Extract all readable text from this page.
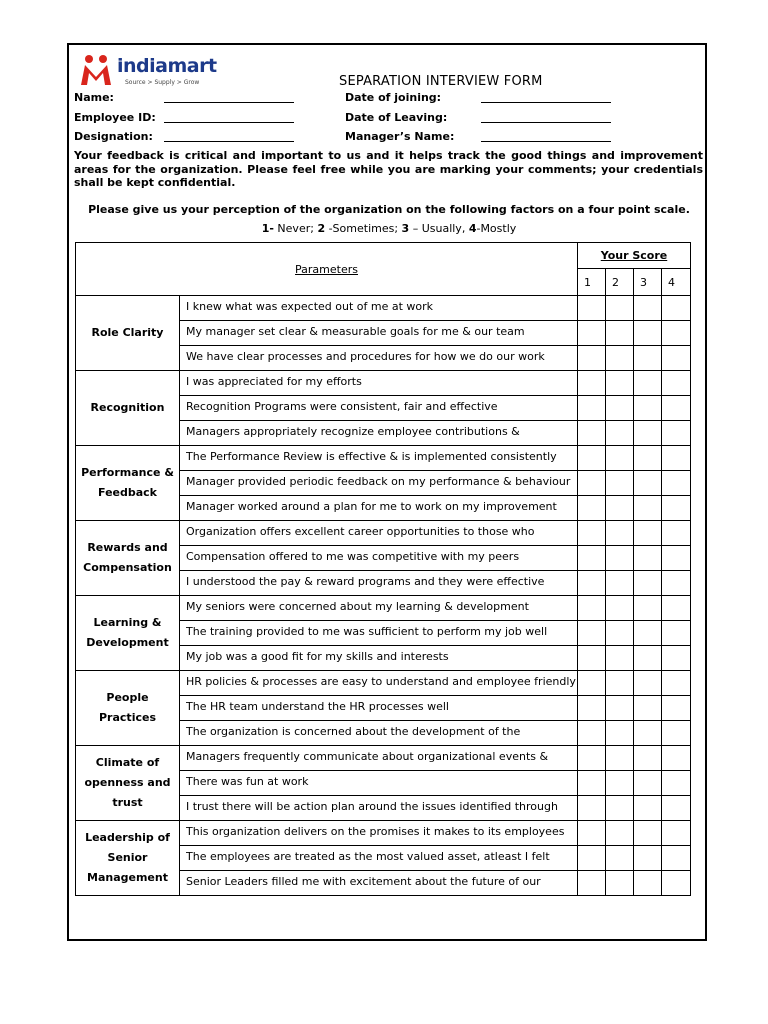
indiamart
Source > Supply > Grow	SEPARATION INTERVIEW FORM
Name:	Date of joining:
Employee ID:	Date of Leaving:
Designation:	Manager’s Name:
Your feedback is critical and important to us and it helps track the good things and improvement areas for the organization. Please feel free while you are marking your comments; your credentials shall be kept confidential.
Please give us your perception of the organization on the following factors on a four point scale.
1- Never; 2 -Sometimes; 3 – Usually, 4-Mostly
Parameters		Your Score			
		1	2	3	4
Role Clarity	I knew what was expected out of me at work				

	My manager set clear & measurable goals for me & our team				

	We have clear processes and procedures for how we do our work				

Recognition	I was appreciated for my efforts				

	Recognition Programs were consistent, fair and effective				

	Managers appropriately recognize employee contributions &				

Performance & Feedback	The Performance Review is effective & is implemented consistently				

	Manager provided periodic feedback on my performance & behaviour				

	Manager worked around a plan for me to work on my improvement				

Rewards and Compensation	Organization offers excellent career opportunities to those who				

	Compensation offered to me was competitive with my peers				

	I understood the pay & reward programs and they were effective				

Learning & Development	My seniors were concerned about my learning & development				

	The training provided to me was sufficient to perform my job well				

	My job was a good fit for my skills and interests				

People Practices	HR policies & processes are easy to understand and employee friendly				

	The HR team understand the HR processes well				

	The organization is concerned about the development of the				

Climate of openness and trust	Managers frequently communicate about organizational events &				

	There was fun at work				

	I trust there will be action plan around the issues identified through				

Leadership of Senior Management	This organization delivers on the promises it makes to its employees				

	The employees are treated as the most valued asset, atleast I felt				

	Senior Leaders filled me with excitement about the future of our				
